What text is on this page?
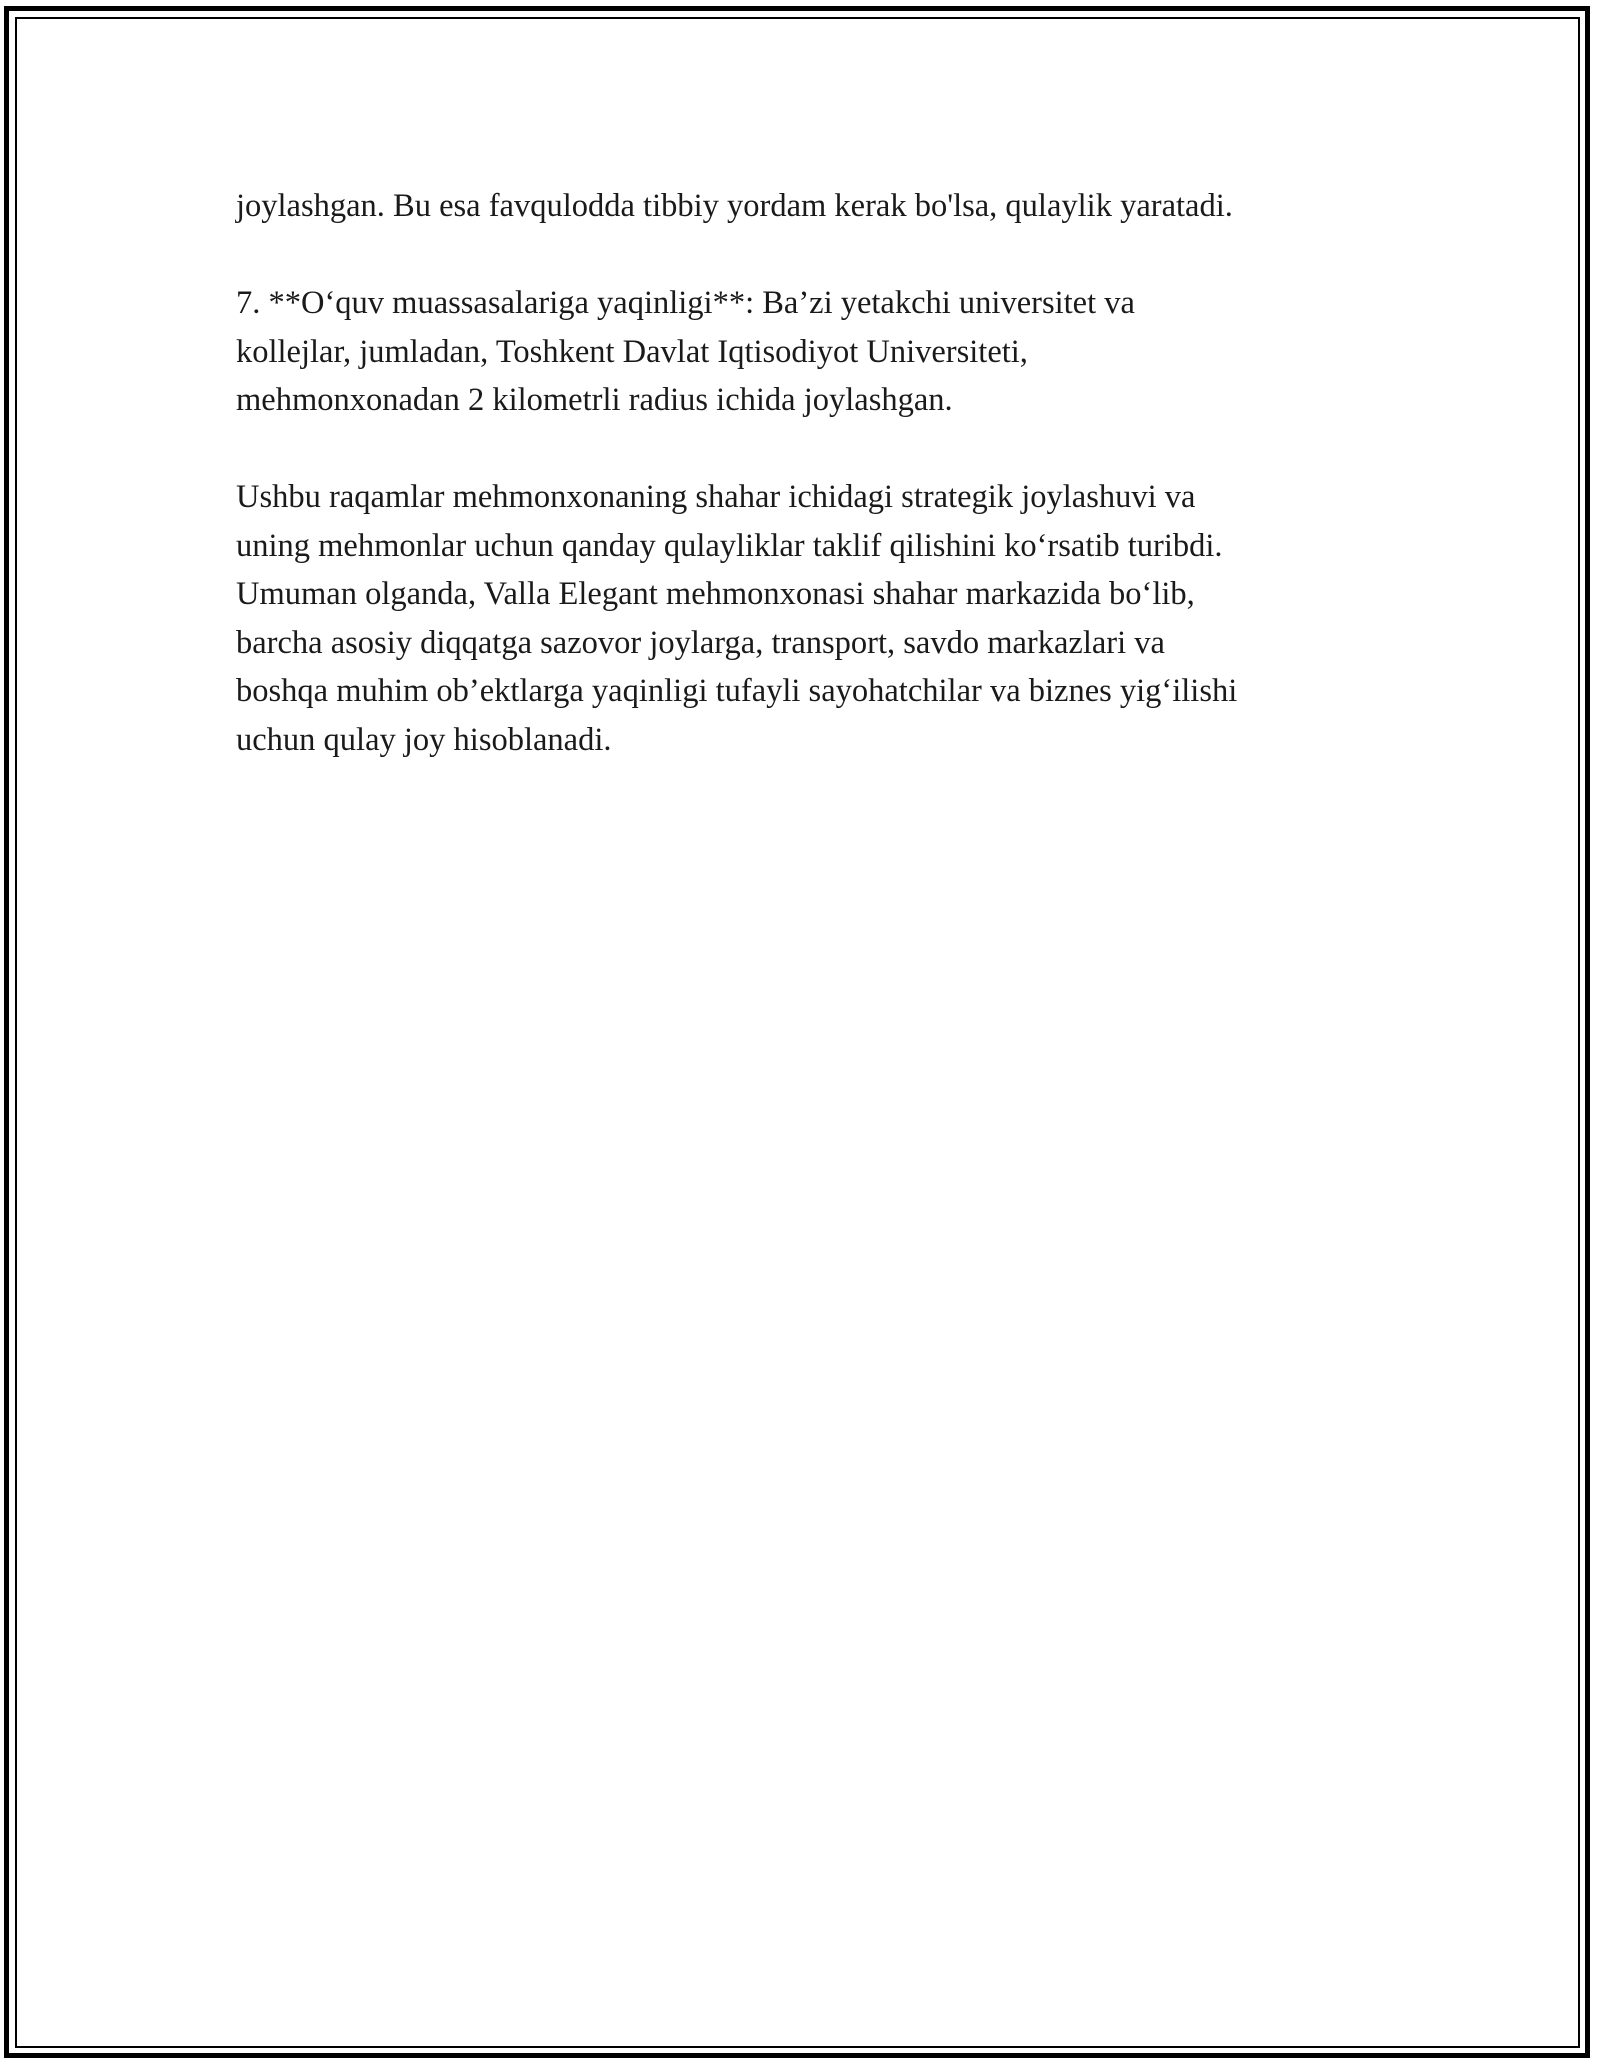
joylashgan. Bu esa favqulodda tibbiy yordam kerak bo'lsa, qulaylik yaratadi.

7. **O‘quv muassasalariga yaqinligi**: Ba’zi yetakchi universitet va
kollejlar, jumladan, Toshkent Davlat Iqtisodiyot Universiteti,
mehmonxonadan 2 kilometrli radius ichida joylashgan.

Ushbu raqamlar mehmonxonaning shahar ichidagi strategik joylashuvi va
uning mehmonlar uchun qanday qulayliklar taklif qilishini ko‘rsatib turibdi.
Umuman olganda, Valla Elegant mehmonxonasi shahar markazida bo‘lib,
barcha asosiy diqqatga sazovor joylarga, transport, savdo markazlari va
boshqa muhim ob’ektlarga yaqinligi tufayli sayohatchilar va biznes yig‘ilishi
uchun qulay joy hisoblanadi.
